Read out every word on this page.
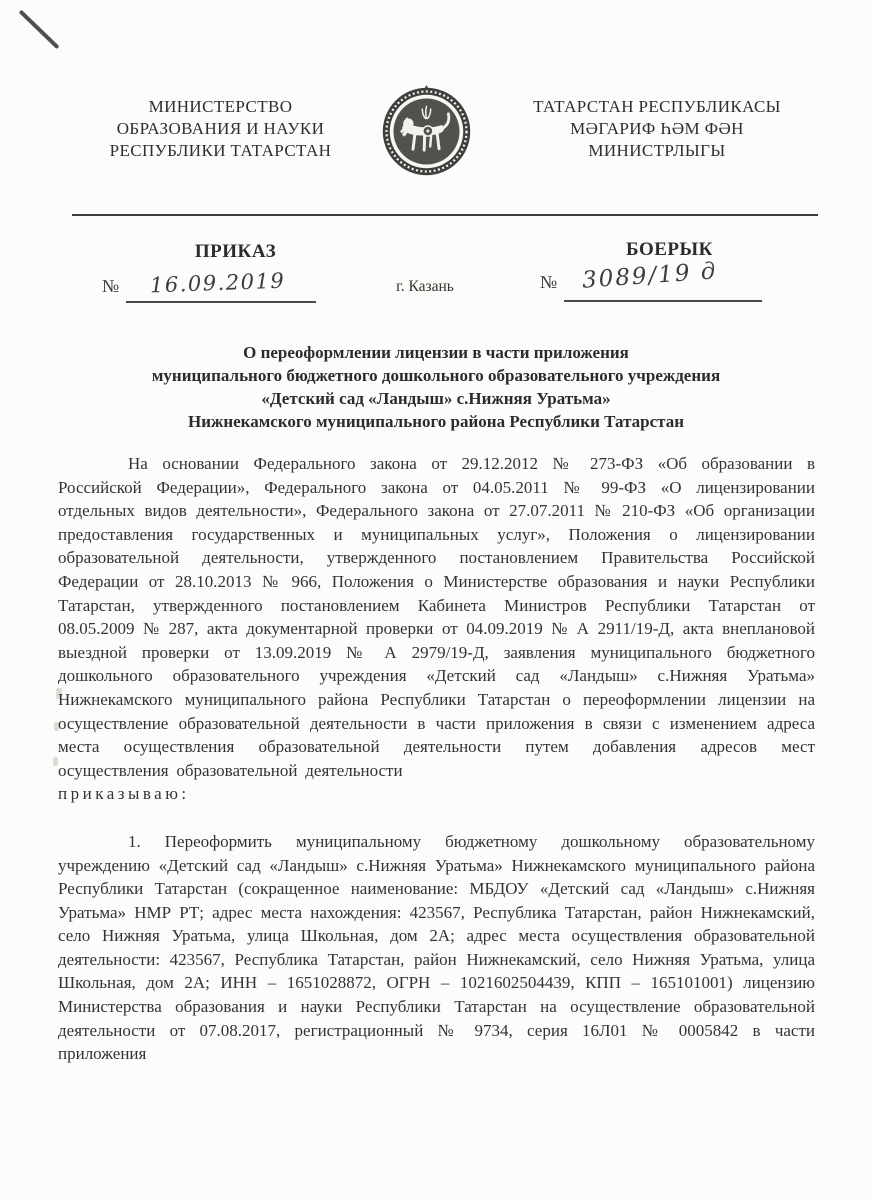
МИНИСТЕРСТВО
ОБРАЗОВАНИЯ И НАУКИ
РЕСПУБЛИКИ ТАТАРСТАН
ТАТАРСТАН РЕСПУБЛИКАСЫ
МӘГАРИФ ҺӘМ ФӘН
МИНИСТРЛЫГЫ
ПРИКАЗ	БОЕРЫК
№ 16.09.2019	г. Казань	№ 3089/19 д
О переоформлении лицензии в части приложения
муниципального бюджетного дошкольного образовательного учреждения
«Детский сад «Ландыш» с.Нижняя Уратьма»
Нижнекамского муниципального района Республики Татарстан

На основании Федерального закона от 29.12.2012 № 273-ФЗ «Об образовании в Российской Федерации», Федерального закона от 04.05.2011 № 99-ФЗ «О лицензировании отдельных видов деятельности», Федерального закона от 27.07.2011 № 210-ФЗ «Об организации предоставления государственных и муниципальных услуг», Положения о лицензировании образовательной деятельности, утвержденного постановлением Правительства Российской Федерации от 28.10.2013 № 966, Положения о Министерстве образования и науки Республики Татарстан, утвержденного постановлением Кабинета Министров Республики Татарстан от 08.05.2009 № 287, акта документарной проверки от 04.09.2019 № А 2911/19-Д, акта внеплановой выездной проверки от 13.09.2019 № А 2979/19-Д, заявления муниципального бюджетного дошкольного образовательного учреждения «Детский сад «Ландыш» с.Нижняя Уратьма» Нижнекамского муниципального района Республики Татарстан о переоформлении лицензии на осуществление образовательной деятельности в части приложения в связи с изменением адреса места осуществления образовательной деятельности путем добавления адресов мест осуществления образовательной деятельности

приказываю:

1. Переоформить муниципальному бюджетному дошкольному образовательному учреждению «Детский сад «Ландыш» с.Нижняя Уратьма» Нижнекамского муниципального района Республики Татарстан (сокращенное наименование: МБДОУ «Детский сад «Ландыш» с.Нижняя Уратьма» НМР РТ; адрес места нахождения: 423567, Республика Татарстан, район Нижнекамский, село Нижняя Уратьма, улица Школьная, дом 2А; адрес места осуществления образовательной деятельности: 423567, Республика Татарстан, район Нижнекамский, село Нижняя Уратьма, улица Школьная, дом 2А; ИНН – 1651028872, ОГРН – 1021602504439, КПП – 165101001) лицензию Министерства образования и науки Республики Татарстан на осуществление образовательной деятельности от 07.08.2017, регистрационный № 9734, серия 16Л01 № 0005842 в части приложения
